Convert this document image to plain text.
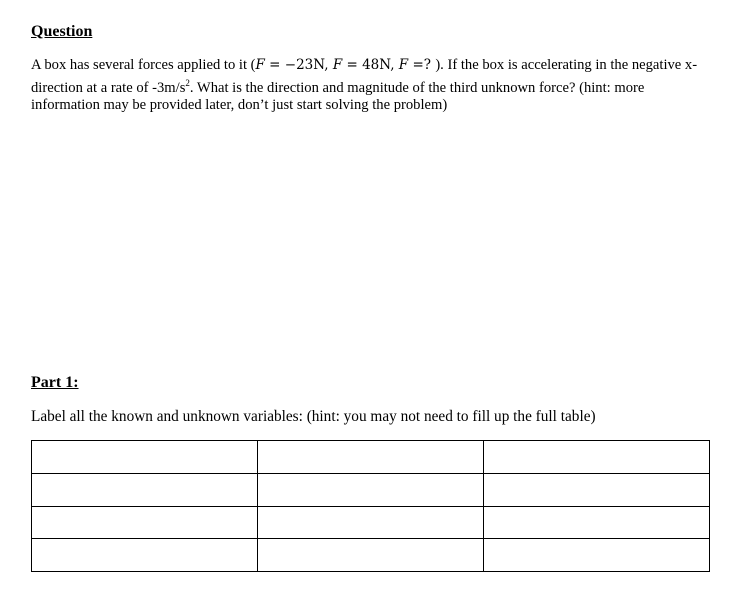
Question
A box has several forces applied to it (F = −23N, F = 48N, F =? ). If the box is accelerating in the negative x-direction at a rate of $-3m/s^2$. What is the direction and magnitude of the third unknown force? (hint: more information may be provided later, don’t just start solving the problem)
Part 1:
Label all the known and unknown variables: (hint: you may not need to fill up the full table)
